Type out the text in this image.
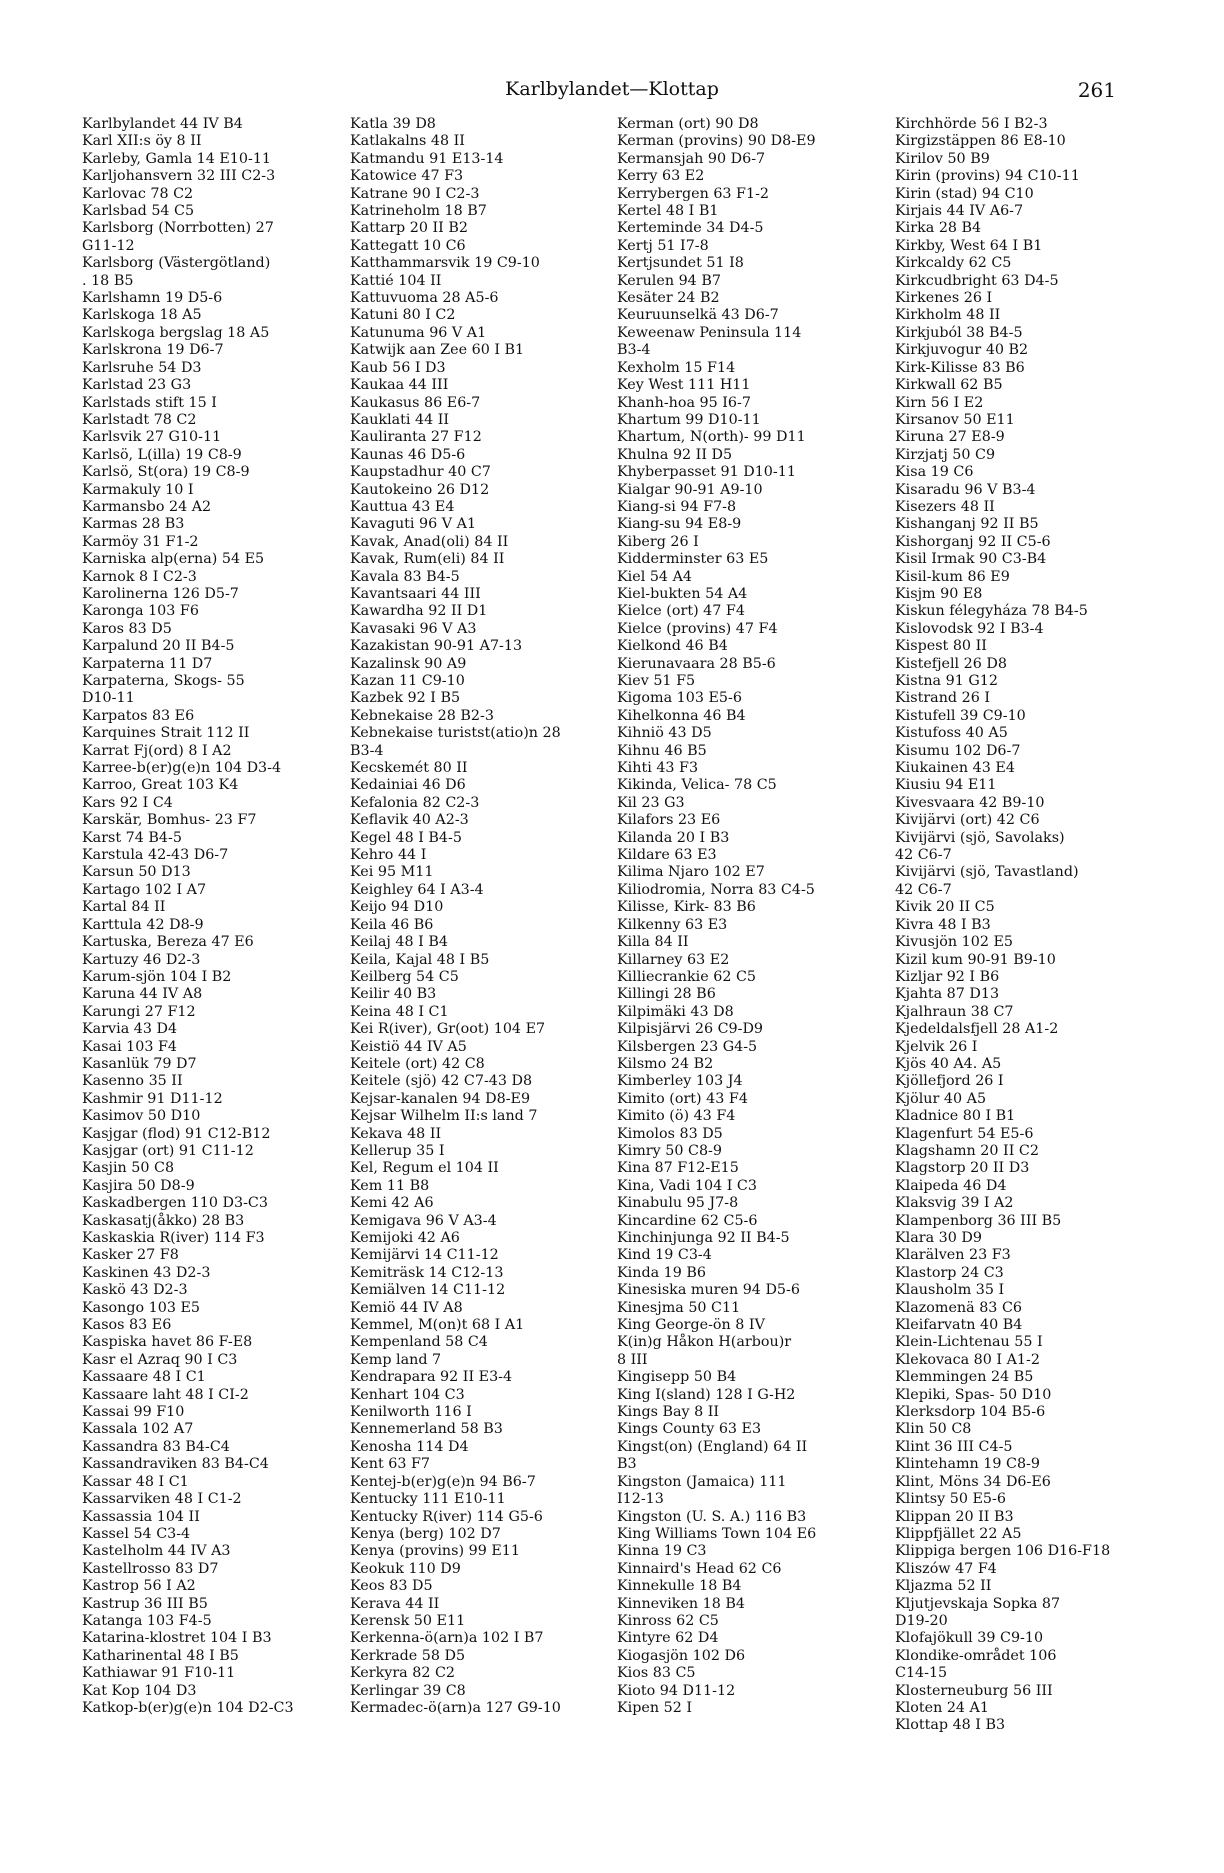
Karlbylandet—Klottap	261
Karlbylandet 44 IV B4
Karl XII:s öy 8 II
Karleby, Gamla 14 E10-11
Karljohansvern 32 III C2-3
Karlovac 78 C2
Karlsbad 54 C5
Karlsborg (Norrbotten) 27
G11-12
Karlsborg (Västergötland)
. 18 B5
Karlshamn 19 D5-6
Karlskoga 18 A5
Karlskoga bergslag 18 A5
Karlskrona 19 D6-7
Karlsruhe 54 D3
Karlstad 23 G3
Karlstads stift 15 I
Karlstadt 78 C2
Karlsvik 27 G10-11
Karlsö, L(illa) 19 C8-9
Karlsö, St(ora) 19 C8-9
Karmakuly 10 I
Karmansbo 24 A2
Karmas 28 B3
Karmöy 31 F1-2
Karniska alp(erna) 54 E5
Karnok 8 I C2-3
Karolinerna 126 D5-7
Karonga 103 F6
Karos 83 D5
Karpalund 20 II B4-5
Karpaterna 11 D7
Karpaterna, Skogs- 55
D10-11
Karpatos 83 E6
Karquines Strait 112 II
Karrat Fj(ord) 8 I A2
Karree-b(er)g(e)n 104 D3-4
Karroo, Great 103 K4
Kars 92 I C4
Karskär, Bomhus- 23 F7
Karst 74 B4-5
Karstula 42-43 D6-7
Karsun 50 D13
Kartago 102 I A7
Kartal 84 II
Karttula 42 D8-9
Kartuska, Bereza 47 E6
Kartuzy 46 D2-3
Karum-sjön 104 I B2
Karuna 44 IV A8
Karungi 27 F12
Karvia 43 D4
Kasai 103 F4
Kasanlük 79 D7
Kasenno 35 II
Kashmir 91 D11-12
Kasimov 50 D10
Kasjgar (flod) 91 C12-B12
Kasjgar (ort) 91 C11-12
Kasjin 50 C8
Kasjira 50 D8-9
Kaskadbergen 110 D3-C3
Kaskasatj(åkko) 28 B3
Kaskaskia R(iver) 114 F3
Kasker 27 F8
Kaskinen 43 D2-3
Kaskö 43 D2-3
Kasongo 103 E5
Kasos 83 E6
Kaspiska havet 86 F-E8
Kasr el Azraq 90 I C3
Kassaare 48 I C1
Kassaare laht 48 I CI-2
Kassai 99 F10
Kassala 102 A7
Kassandra 83 B4-C4
Kassandraviken 83 B4-C4
Kassar 48 I C1
Kassarviken 48 I C1-2
Kassassia 104 II
Kassel 54 C3-4
Kastelholm 44 IV A3
Kastellrosso 83 D7
Kastrop 56 I A2
Kastrup 36 III B5
Katanga 103 F4-5
Katarina-klostret 104 I B3
Katharinental 48 I B5
Kathiawar 91 F10-11
Kat Kop 104 D3
Katkop-b(er)g(e)n 104 D2-C3
Katla 39 D8
Katlakalns 48 II
Katmandu 91 E13-14
Katowice 47 F3
Katrane 90 I C2-3
Katrineholm 18 B7
Kattarp 20 II B2
Kattegatt 10 C6
Katthammarsvik 19 C9-10
Kattié 104 II
Kattuvuoma 28 A5-6
Katuni 80 I C2
Katunuma 96 V A1
Katwijk aan Zee 60 I B1
Kaub 56 I D3
Kaukaa 44 III
Kaukasus 86 E6-7
Kauklati 44 II
Kauliranta 27 F12
Kaunas 46 D5-6
Kaupstadhur 40 C7
Kautokeino 26 D12
Kauttua 43 E4
Kavaguti 96 V A1
Kavak, Anad(oli) 84 II
Kavak, Rum(eli) 84 II
Kavala 83 B4-5
Kavantsaari 44 III
Kawardha 92 II D1
Kavasaki 96 V A3
Kazakistan 90-91 A7-13
Kazalinsk 90 A9
Kazan 11 C9-10
Kazbek 92 I B5
Kebnekaise 28 B2-3
Kebnekaise turistst(atio)n 28
B3-4
Kecskemét 80 II
Kedainiai 46 D6
Kefalonia 82 C2-3
Keflavik 40 A2-3
Kegel 48 I B4-5
Kehro 44 I
Kei 95 M11
Keighley 64 I A3-4
Keijo 94 D10
Keila 46 B6
Keilaj 48 I B4
Keila, Kajal 48 I B5
Keilberg 54 C5
Keilir 40 B3
Keina 48 I C1
Kei R(iver), Gr(oot) 104 E7
Keistiö 44 IV A5
Keitele (ort) 42 C8
Keitele (sjö) 42 C7-43 D8
Kejsar-kanalen 94 D8-E9
Kejsar Wilhelm II:s land 7
Kekava 48 II
Kellerup 35 I
Kel, Regum el 104 II
Kem 11 B8
Kemi 42 A6
Kemigava 96 V A3-4
Kemijoki 42 A6
Kemijärvi 14 C11-12
Kemiträsk 14 C12-13
Kemiälven 14 C11-12
Kemiö 44 IV A8
Kemmel, M(on)t 68 I A1
Kempenland 58 C4
Kemp land 7
Kendrapara 92 II E3-4
Kenhart 104 C3
Kenilworth 116 I
Kennemerland 58 B3
Kenosha 114 D4
Kent 63 F7
Kentej-b(er)g(e)n 94 B6-7
Kentucky 111 E10-11
Kentucky R(iver) 114 G5-6
Kenya (berg) 102 D7
Kenya (provins) 99 E11
Keokuk 110 D9
Keos 83 D5
Kerava 44 II
Kerensk 50 E11
Kerkenna-ö(arn)a 102 I B7
Kerkrade 58 D5
Kerkyra 82 C2
Kerlingar 39 C8
Kermadec-ö(arn)a 127 G9-10
Kerman (ort) 90 D8
Kerman (provins) 90 D8-E9
Kermansjah 90 D6-7
Kerry 63 E2
Kerrybergen 63 F1-2
Kertel 48 I B1
Kerteminde 34 D4-5
Kertj 51 I7-8
Kertjsundet 51 I8
Kerulen 94 B7
Kesäter 24 B2
Keuruunselkä 43 D6-7
Keweenaw Peninsula 114
B3-4
Kexholm 15 F14
Key West 111 H11
Khanh-hoa 95 I6-7
Khartum 99 D10-11
Khartum, N(orth)- 99 D11
Khulna 92 II D5
Khyberpasset 91 D10-11
Kialgar 90-91 A9-10
Kiang-si 94 F7-8
Kiang-su 94 E8-9
Kiberg 26 I
Kidderminster 63 E5
Kiel 54 A4
Kiel-bukten 54 A4
Kielce (ort) 47 F4
Kielce (provins) 47 F4
Kielkond 46 B4
Kierunavaara 28 B5-6
Kiev 51 F5
Kigoma 103 E5-6
Kihelkonna 46 B4
Kihniö 43 D5
Kihnu 46 B5
Kihti 43 F3
Kikinda, Velica- 78 C5
Kil 23 G3
Kilafors 23 E6
Kilanda 20 I B3
Kildare 63 E3
Kilima Njaro 102 E7
Kiliodromia, Norra 83 C4-5
Kilisse, Kirk- 83 B6
Kilkenny 63 E3
Killa 84 II
Killarney 63 E2
Killiecrankie 62 C5
Killingi 28 B6
Kilpimäki 43 D8
Kilpisjärvi 26 C9-D9
Kilsbergen 23 G4-5
Kilsmo 24 B2
Kimberley 103 J4
Kimito (ort) 43 F4
Kimito (ö) 43 F4
Kimolos 83 D5
Kimry 50 C8-9
Kina 87 F12-E15
Kina, Vadi 104 I C3
Kinabulu 95 J7-8
Kincardine 62 C5-6
Kinchinjunga 92 II B4-5
Kind 19 C3-4
Kinda 19 B6
Kinesiska muren 94 D5-6
Kinesjma 50 C11
King George-ön 8 IV
K(in)g Håkon H(arbou)r
8 III
Kingisepp 50 B4
King I(sland) 128 I G-H2
Kings Bay 8 II
Kings County 63 E3
Kingst(on) (England) 64 II
B3
Kingston (Jamaica) 111
I12-13
Kingston (U. S. A.) 116 B3
King Williams Town 104 E6
Kinna 19 C3
Kinnaird's Head 62 C6
Kinnekulle 18 B4
Kinneviken 18 B4
Kinross 62 C5
Kintyre 62 D4
Kiogasjön 102 D6
Kios 83 C5
Kioto 94 D11-12
Kipen 52 I
Kirchhörde 56 I B2-3
Kirgizstäppen 86 E8-10
Kirilov 50 B9
Kirin (provins) 94 C10-11
Kirin (stad) 94 C10
Kirjais 44 IV A6-7
Kirka 28 B4
Kirkby, West 64 I B1
Kirkcaldy 62 C5
Kirkcudbright 63 D4-5
Kirkenes 26 I
Kirkholm 48 II
Kirkjuból 38 B4-5
Kirkjuvogur 40 B2
Kirk-Kilisse 83 B6
Kirkwall 62 B5
Kirn 56 I E2
Kirsanov 50 E11
Kiruna 27 E8-9
Kirzjatj 50 C9
Kisa 19 C6
Kisaradu 96 V B3-4
Kisezers 48 II
Kishanganj 92 II B5
Kishorganj 92 II C5-6
Kisil Irmak 90 C3-B4
Kisil-kum 86 E9
Kisjm 90 E8
Kiskun félegyháza 78 B4-5
Kislovodsk 92 I B3-4
Kispest 80 II
Kistefjell 26 D8
Kistna 91 G12
Kistrand 26 I
Kistufell 39 C9-10
Kistufoss 40 A5
Kisumu 102 D6-7
Kiukainen 43 E4
Kiusiu 94 E11
Kivesvaara 42 B9-10
Kivijärvi (ort) 42 C6
Kivijärvi (sjö, Savolaks)
42 C6-7
Kivijärvi (sjö, Tavastland)
42 C6-7
Kivik 20 II C5
Kivra 48 I B3
Kivusjön 102 E5
Kizil kum 90-91 B9-10
Kizljar 92 I B6
Kjahta 87 D13
Kjalhraun 38 C7
Kjedeldalsfjell 28 A1-2
Kjelvik 26 I
Kjös 40 A4. A5
Kjöllefjord 26 I
Kjölur 40 A5
Kladnice 80 I B1
Klagenfurt 54 E5-6
Klagshamn 20 II C2
Klagstorp 20 II D3
Klaipeda 46 D4
Klaksvig 39 I A2
Klampenborg 36 III B5
Klara 30 D9
Klarälven 23 F3
Klastorp 24 C3
Klausholm 35 I
Klazomenä 83 C6
Kleifarvatn 40 B4
Klein-Lichtenau 55 I
Klekovaca 80 I A1-2
Klemmingen 24 B5
Klepiki, Spas- 50 D10
Klerksdorp 104 B5-6
Klin 50 C8
Klint 36 III C4-5
Klintehamn 19 C8-9
Klint, Möns 34 D6-E6
Klintsy 50 E5-6
Klippan 20 II B3
Klippfjället 22 A5
Klippiga bergen 106 D16-F18
Kliszów 47 F4
Kljazma 52 II
Kljutjevskaja Sopka 87
D19-20
Klofajökull 39 C9-10
Klondike-området 106
C14-15
Klosterneuburg 56 III
Kloten 24 A1
Klottap 48 I B3
